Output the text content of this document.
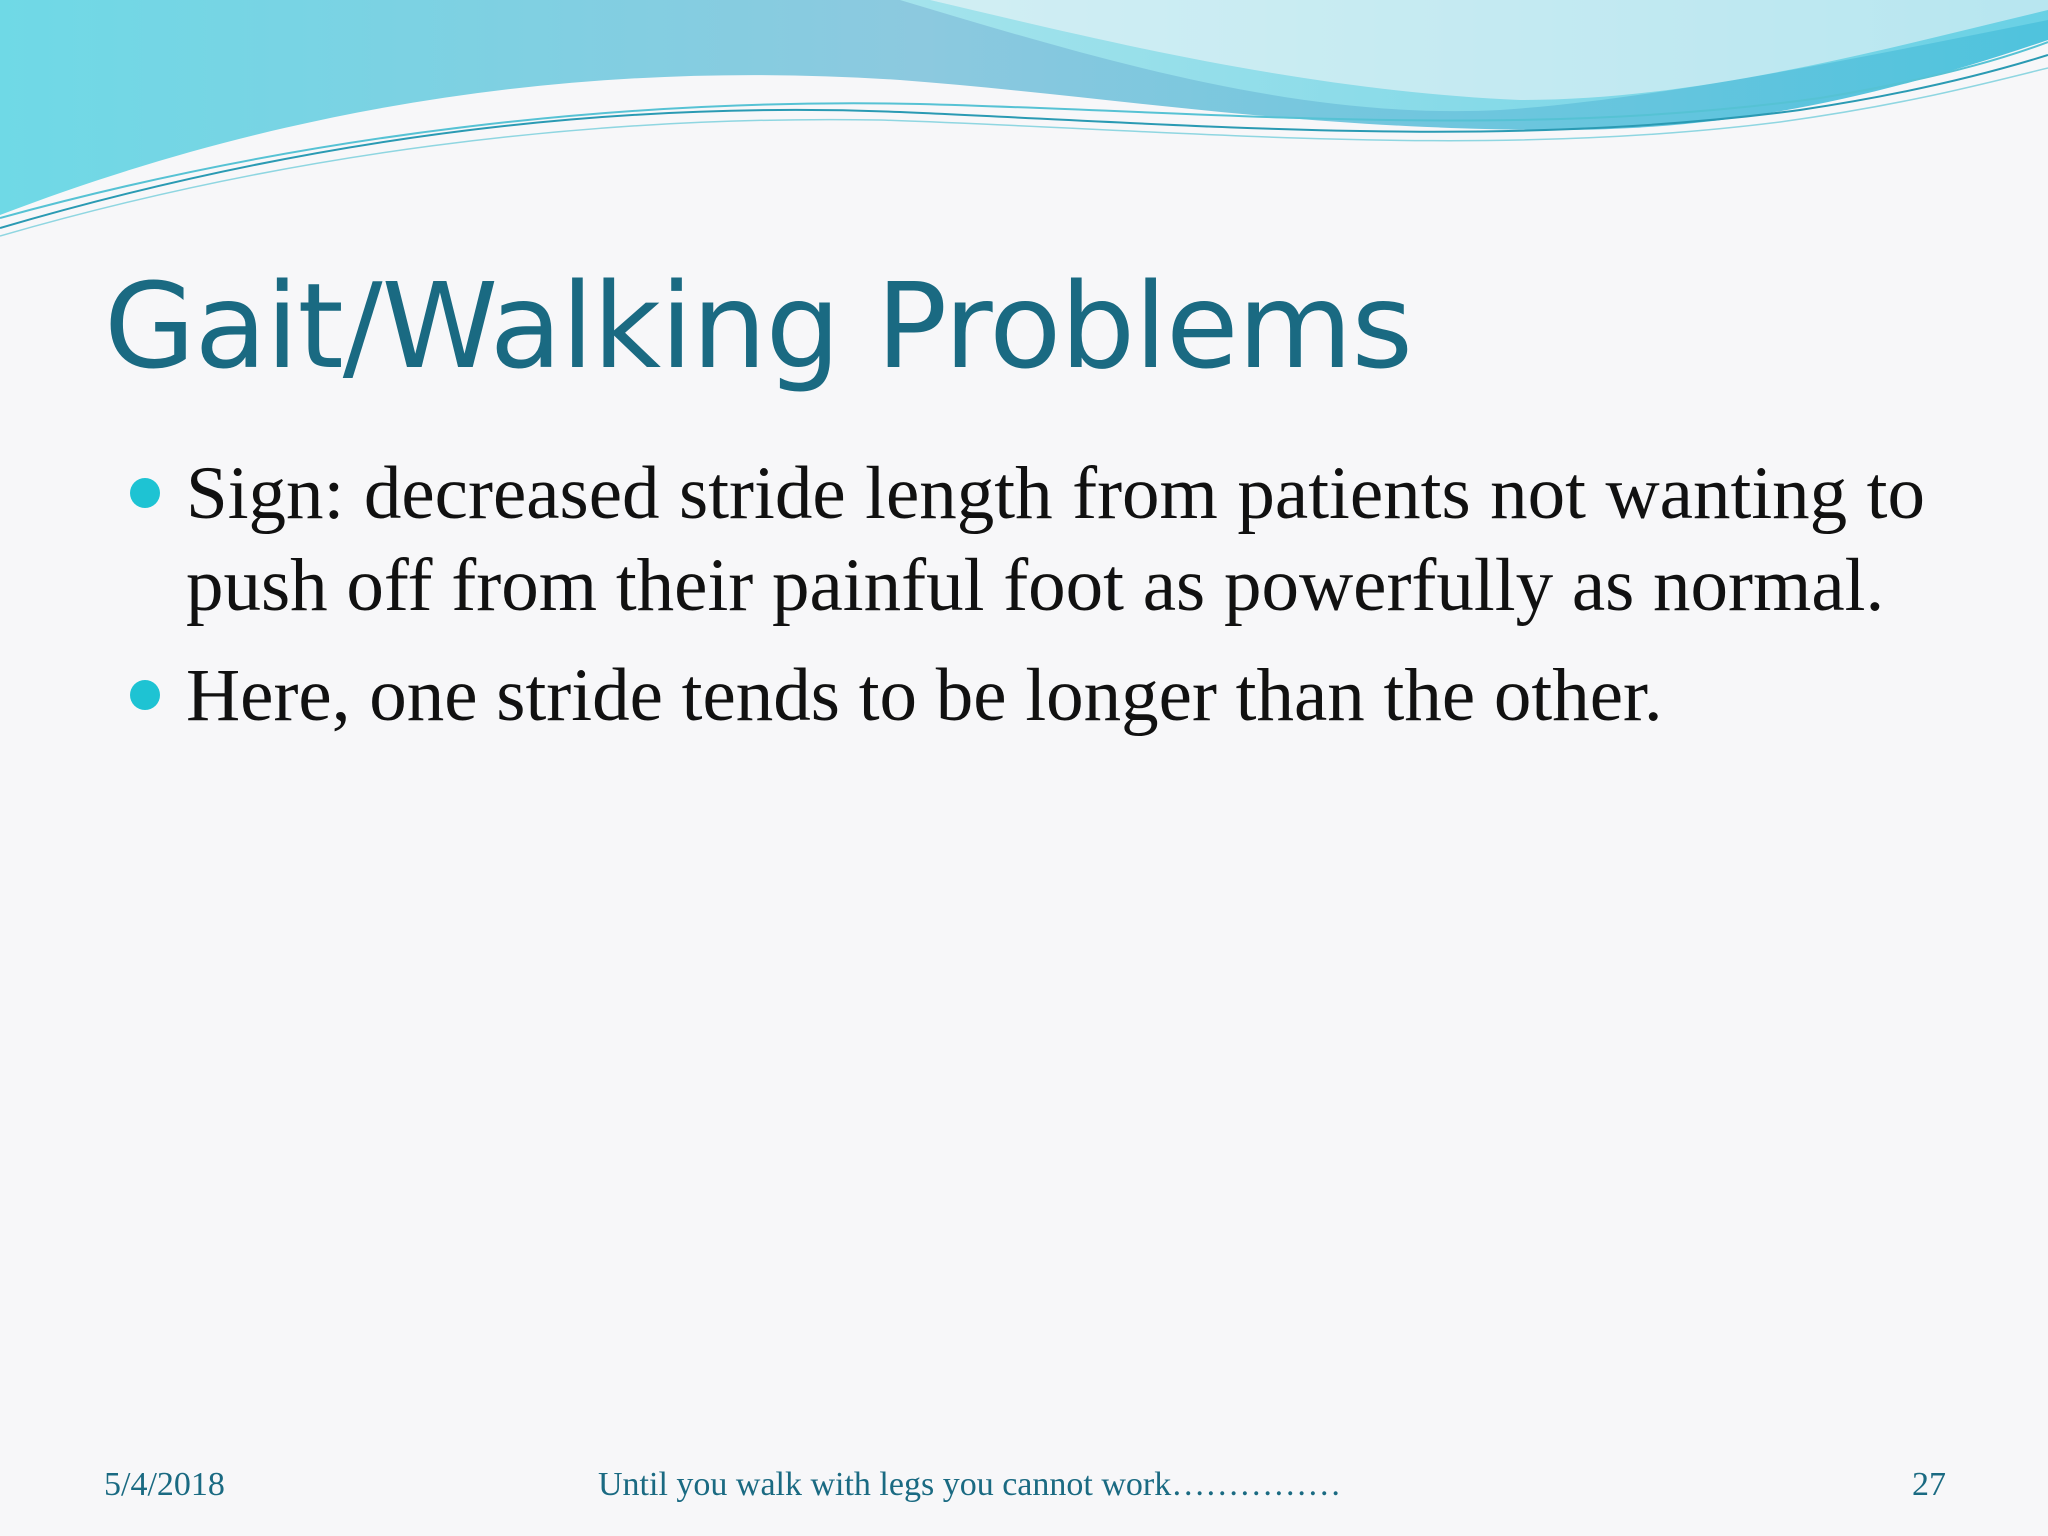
Gait/Walking Problems
Sign: decreased stride length from patients not wanting to push off from their painful foot as powerfully as normal.
Here, one stride tends to be longer than the other.
5/4/2018	Until you walk with legs you cannot work……………	27
